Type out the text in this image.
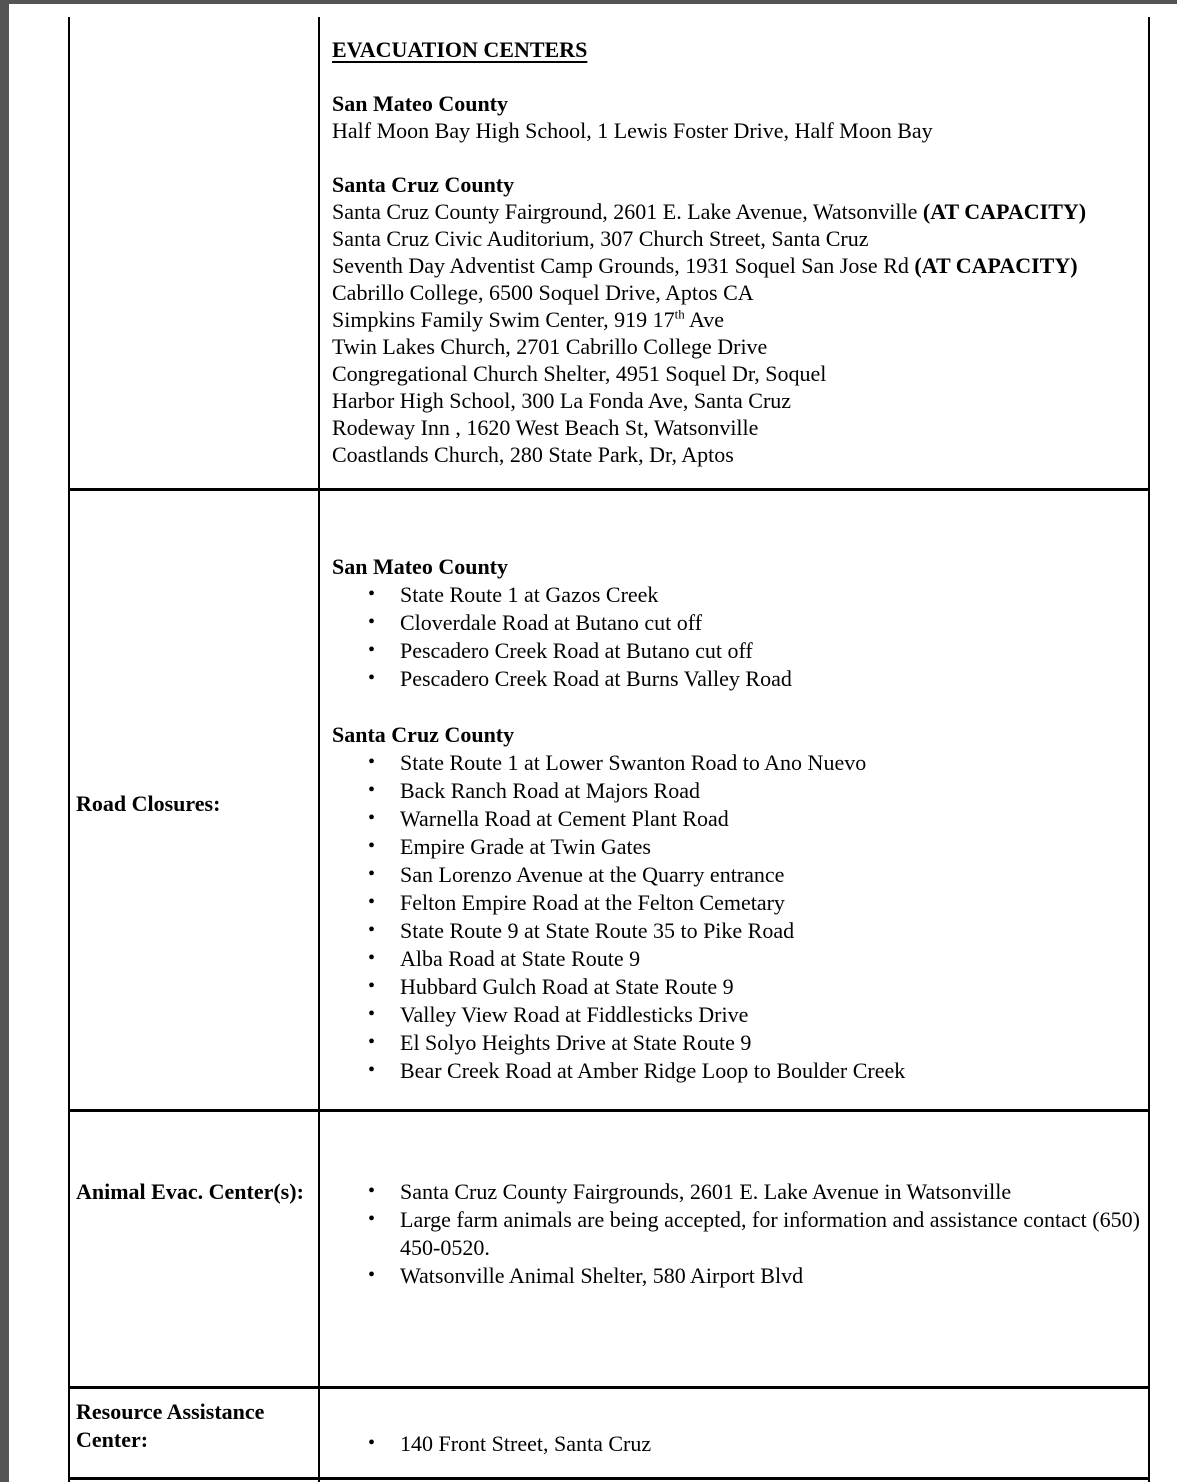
EVACUATION CENTERS
San Mateo County
Half Moon Bay High School, 1 Lewis Foster Drive, Half Moon Bay
Santa Cruz County
Santa Cruz County Fairground, 2601 E. Lake Avenue, Watsonville (AT CAPACITY)
Santa Cruz Civic Auditorium, 307 Church Street, Santa Cruz
Seventh Day Adventist Camp Grounds, 1931 Soquel San Jose Rd (AT CAPACITY)
Cabrillo College, 6500 Soquel Drive, Aptos CA
Simpkins Family Swim Center, 919 17th Ave
Twin Lakes Church, 2701 Cabrillo College Drive
Congregational Church Shelter, 4951 Soquel Dr, Soquel
Harbor High School, 300 La Fonda Ave, Santa Cruz
Rodeway Inn , 1620 West Beach St, Watsonville
Coastlands Church, 280 State Park, Dr, Aptos
Road Closures:
San Mateo County
• State Route 1 at Gazos Creek
• Cloverdale Road at Butano cut off
• Pescadero Creek Road at Butano cut off
• Pescadero Creek Road at Burns Valley Road
Santa Cruz County
• State Route 1 at Lower Swanton Road to Ano Nuevo
• Back Ranch Road at Majors Road
• Warnella Road at Cement Plant Road
• Empire Grade at Twin Gates
• San Lorenzo Avenue at the Quarry entrance
• Felton Empire Road at the Felton Cemetary
• State Route 9 at State Route 35 to Pike Road
• Alba Road at State Route 9
• Hubbard Gulch Road at State Route 9
• Valley View Road at Fiddlesticks Drive
• El Solyo Heights Drive at State Route 9
• Bear Creek Road at Amber Ridge Loop to Boulder Creek
Animal Evac. Center(s):	• Santa Cruz County Fairgrounds, 2601 E. Lake Avenue in Watsonville
• Large farm animals are being accepted, for information and assistance contact (650) 450-0520.
• Watsonville Animal Shelter, 580 Airport Blvd
Resource Assistance Center:	• 140 Front Street, Santa Cruz
